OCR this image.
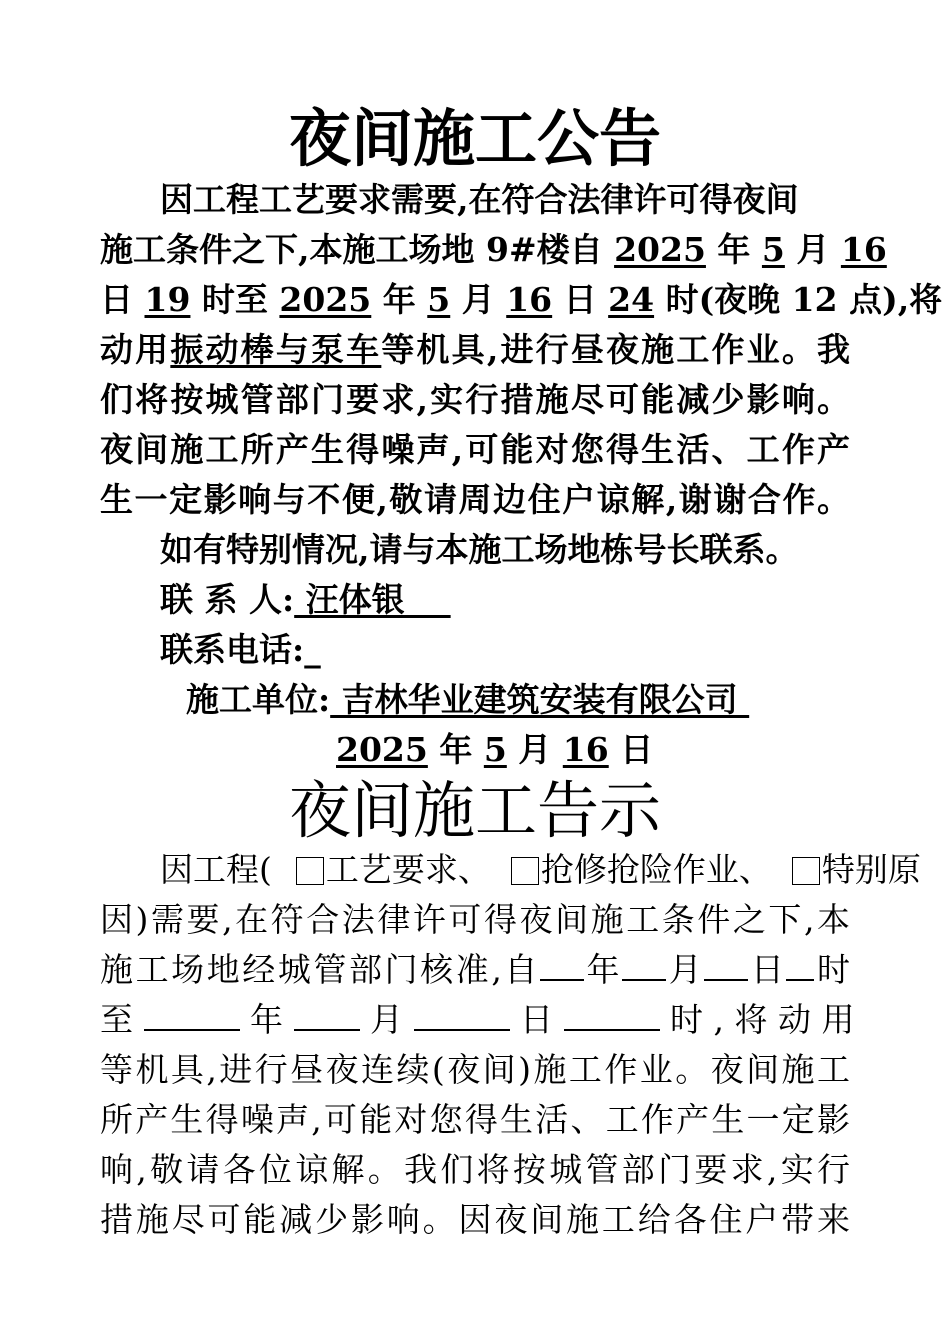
夜间施工公告
因工程工艺要求需要,在符合法律许可得夜间
施工条件之下,本施工场地 9#楼自 2025 年 5 月 16
日 19 时至 2025 年 5 月 16 日 24 时(夜晚 12 点),将
动用振动棒与泵车等机具,进行昼夜施工作业。我
们将按城管部门要求,实行措施尽可能减少影响。
夜间施工所产生得噪声,可能对您得生活、工作产
生一定影响与不便,敬请周边住户谅解,谢谢合作。
如有特别情况,请与本施工场地栋号长联系。
联 系 人: 汪体银
联系电话:_
施工单位: 吉林华业建筑安装有限公司
2025 年 5 月 16 日
夜间施工告示
因工程( 工艺要求、 抢修抢险作业、 特别原
因)需要,在符合法律许可得夜间施工条件之下,本
施工场地经城管部门核准,自 年 月 日 时
至	年	月	日	时 , 将 动 用
等机具,进行昼夜连续(夜间)施工作业。夜间施工
所产生得噪声,可能对您得生活、工作产生一定影
响,敬请各位谅解。我们将按城管部门要求,实行
措施尽可能减少影响。因夜间施工给各住户带来
